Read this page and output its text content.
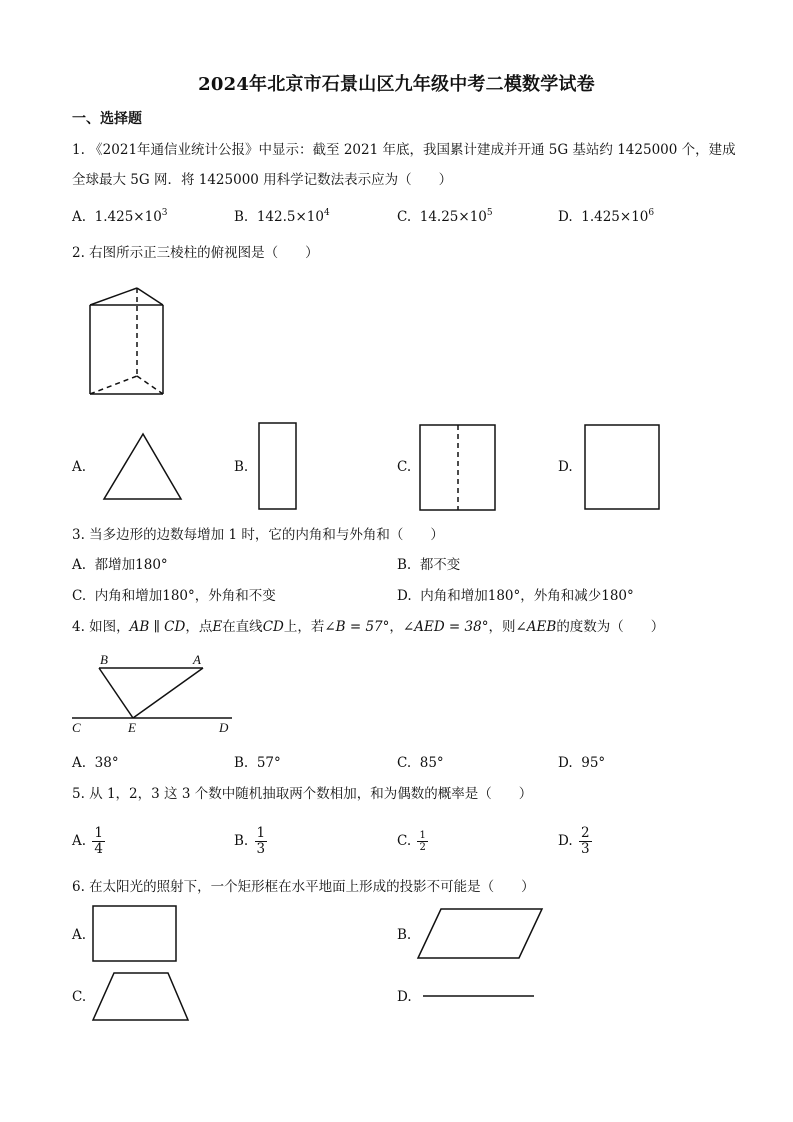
2024年北京市石景山区九年级中考二模数学试卷
一、选择题
1. 《2021年通信业统计公报》中显示：截至 2021 年底，我国累计建成并开通 5G 基站约 1425000 个，建成
全球最大 5G 网．将 1425000 用科学记数法表示应为（　　）
A. $1.425\times 10^3$	B. $142.5\times 10^4$	C. $14.25\times 10^5$	D. $1.425\times 10^6$
2. 右图所示正三棱柱的俯视图是（　　）
A.	B.	C.	D.
3. 当多边形的边数每增加 1 时，它的内角和与外角和（　　）
A. 都增加180°	B. 都不变
C. 内角和增加180°，外角和不变	D. 内角和增加180°，外角和减少180°
4. 如图，AB ∥ CD，点E在直线CD上，若∠B = 57°，∠AED = 38°，则∠AEB的度数为（　　）
B	A
C	E	D
A. 38°	B. 57°	C. 85°	D. 95°
5. 从 1，2，3 这 3 个数中随机抽取两个数相加，和为偶数的概率是（　　）
A. $\frac{1}{4}$	B. $\frac{1}{3}$	C. $\frac{1}{2}$	D. $\frac{2}{3}$
6. 在太阳光的照射下，一个矩形框在水平地面上形成的投影不可能是（　　）
A.	B.
C.	D.
